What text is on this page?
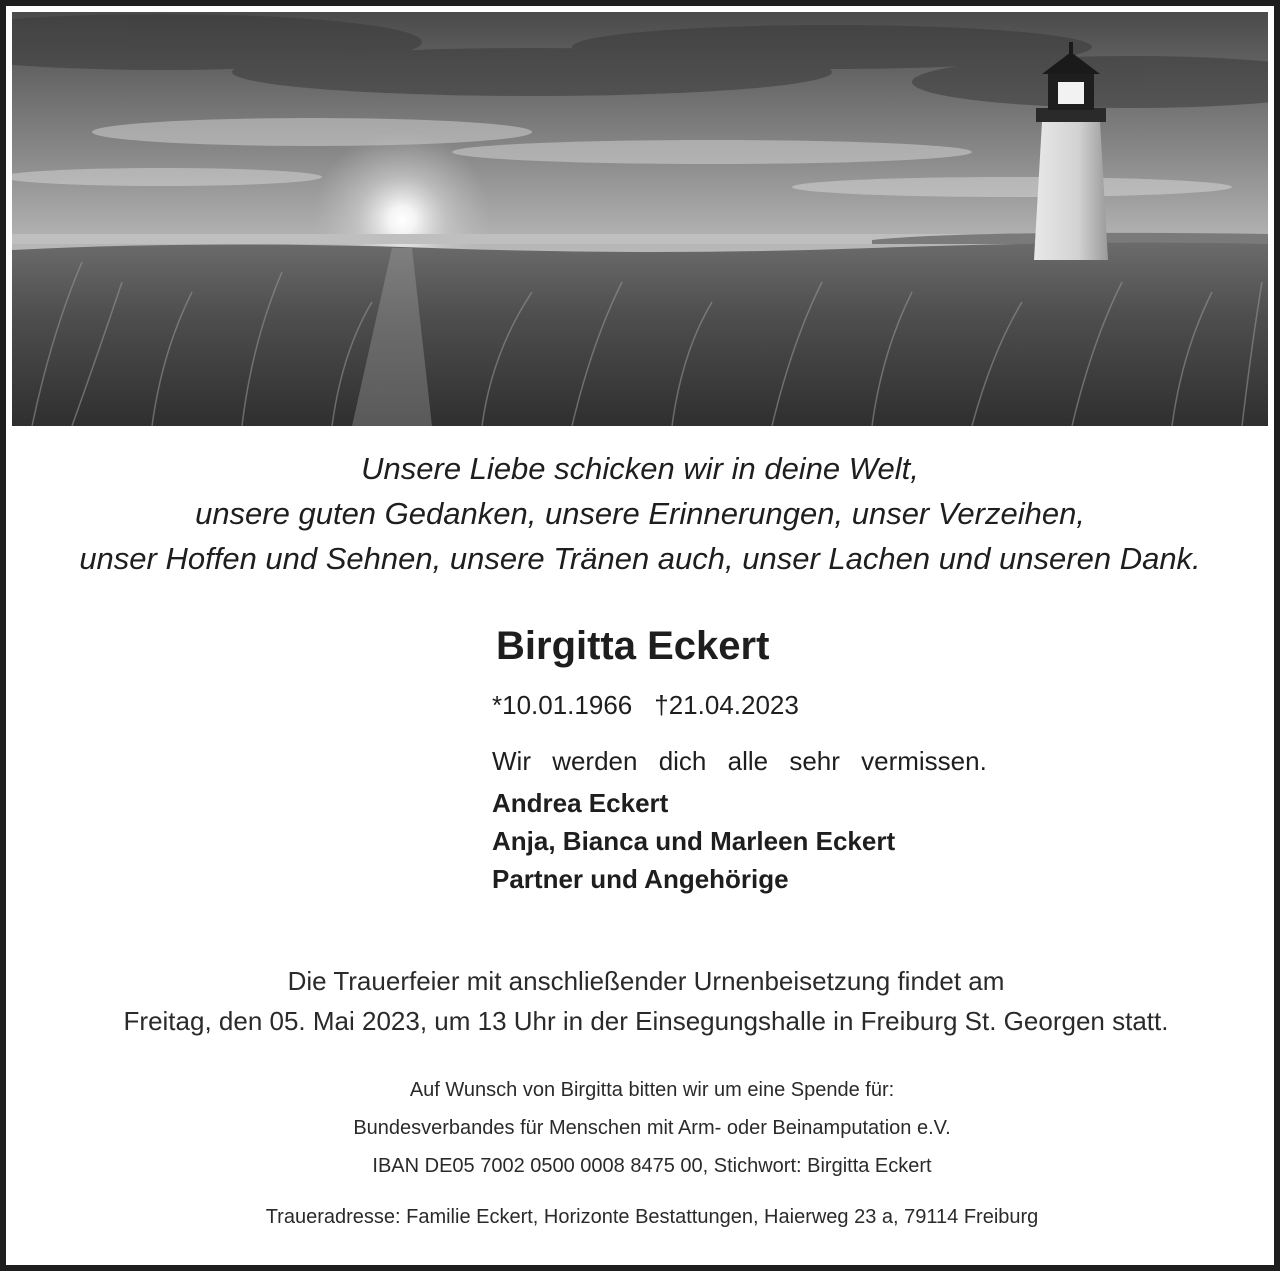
Unsere Liebe schicken wir in deine Welt,
unsere guten Gedanken, unsere Erinnerungen, unser Verzeihen,
unser Hoffen und Sehnen, unsere Tränen auch, unser Lachen und unseren Dank.
Birgitta Eckert
*10.01.1966 †21.04.2023
Wir werden dich alle sehr vermissen.
Andrea Eckert
Anja, Bianca und Marleen Eckert
Partner und Angehörige
Die Trauerfeier mit anschließender Urnenbeisetzung findet am
Freitag, den 05. Mai 2023, um 13 Uhr in der Einsegungshalle in Freiburg St. Georgen statt.
Auf Wunsch von Birgitta bitten wir um eine Spende für:
Bundesverbandes für Menschen mit Arm- oder Beinamputation e.V.
IBAN DE05 7002 0500 0008 8475 00, Stichwort: Birgitta Eckert
Traueradresse: Familie Eckert, Horizonte Bestattungen, Haierweg 23 a, 79114 Freiburg
